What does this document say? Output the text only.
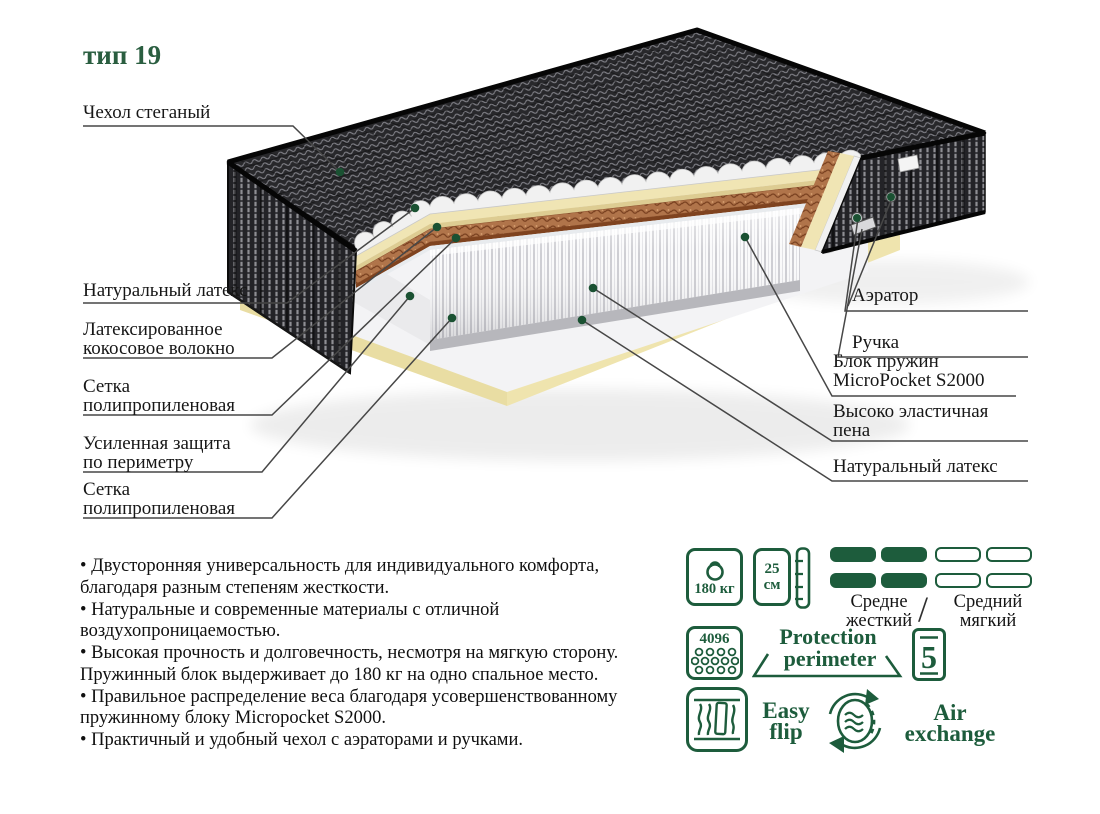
тип 19
Чехол стеганый
Натуральный латекс
Латексированное
кокосовое волокно
Сетка
полипропиленовая
Усиленная защита
по периметру
Сетка
полипропиленовая
Аэратор
Ручка
Блок пружин
MicroPocket S2000
Высоко эластичная
пена
Натуральный латекс

• Двусторонняя универсальность для индивидуального комфорта, благодаря разным степеням жесткости.

• Натуральные и современные материалы с отличной воздухопроницаемостью.

• Высокая прочность и долговечность, несмотря на мягкую сторону. Пружинный блок выдерживает до 180 кг на одно спальное место.

• Правильное распределение веса благодаря усовершенствованному пружинному блоку Micropocket S2000.

• Практичный и удобный чехол с аэраторами и ручками.

180 кг
25
см
Средне
жесткий /	Средний
мягкий
4096 Protection
perimeter 5
Easy
flip
Air
exchange
